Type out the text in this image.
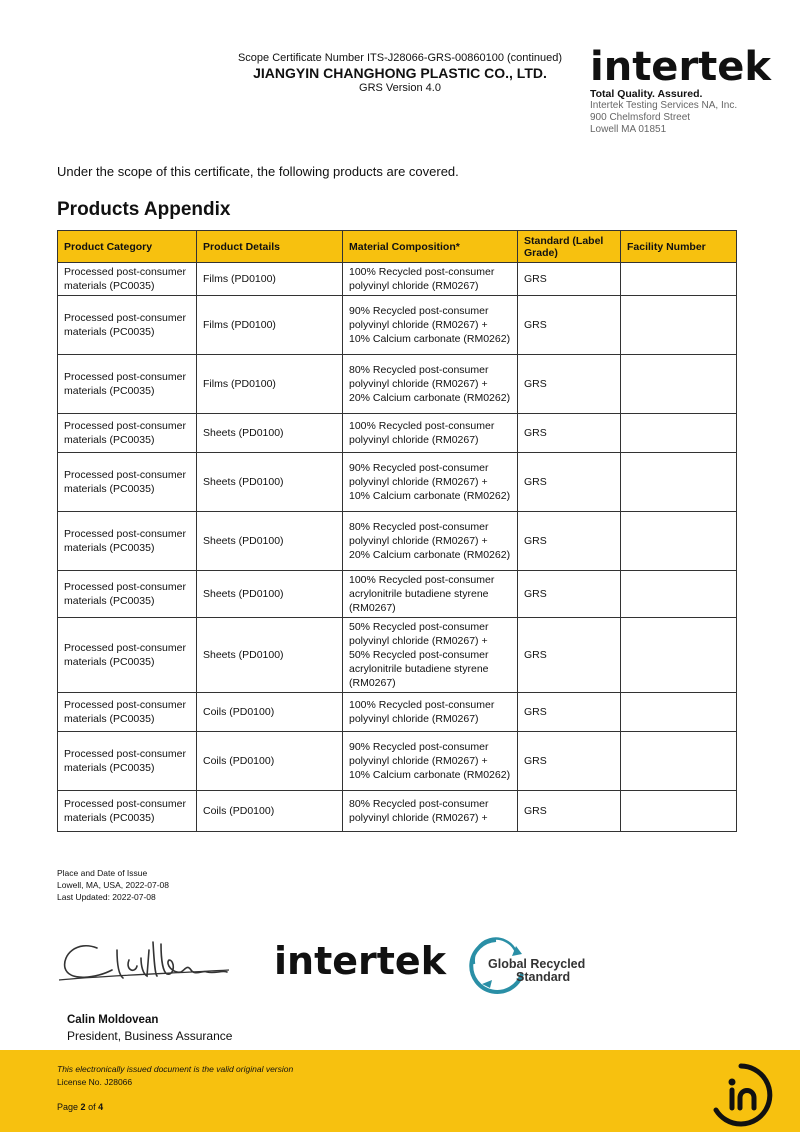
Scope Certificate Number ITS-J28066-GRS-00860100 (continued)
JIANGYIN CHANGHONG PLASTIC CO., LTD.
GRS Version 4.0	intertek
Total Quality. Assured.
Intertek Testing Services NA, Inc.
900 Chelmsford Street
Lowell MA 01851
Under the scope of this certificate, the following products are covered.
Products Appendix
Product Category	Product Details	Material Composition*	Standard (Label Grade)	Facility Number
Processed post-consumer materials (PC0035)	Films (PD0100)	100% Recycled post-consumer polyvinyl chloride (RM0267)	GRS	
Processed post-consumer materials (PC0035)	Films (PD0100)	90% Recycled post-consumer polyvinyl chloride (RM0267) + 10% Calcium carbonate (RM0262)	GRS	
Processed post-consumer materials (PC0035)	Films (PD0100)	80% Recycled post-consumer polyvinyl chloride (RM0267) + 20% Calcium carbonate (RM0262)	GRS	
Processed post-consumer materials (PC0035)	Sheets (PD0100)	100% Recycled post-consumer polyvinyl chloride (RM0267)	GRS	
Processed post-consumer materials (PC0035)	Sheets (PD0100)	90% Recycled post-consumer polyvinyl chloride (RM0267) + 10% Calcium carbonate (RM0262)	GRS	
Processed post-consumer materials (PC0035)	Sheets (PD0100)	80% Recycled post-consumer polyvinyl chloride (RM0267) + 20% Calcium carbonate (RM0262)	GRS	
Processed post-consumer materials (PC0035)	Sheets (PD0100)	100% Recycled post-consumer acrylonitrile butadiene styrene (RM0267)	GRS	
Processed post-consumer materials (PC0035)	Sheets (PD0100)	50% Recycled post-consumer polyvinyl chloride (RM0267) + 50% Recycled post-consumer acrylonitrile butadiene styrene (RM0267)	GRS	
Processed post-consumer materials (PC0035)	Coils (PD0100)	100% Recycled post-consumer polyvinyl chloride (RM0267)	GRS	
Processed post-consumer materials (PC0035)	Coils (PD0100)	90% Recycled post-consumer polyvinyl chloride (RM0267) + 10% Calcium carbonate (RM0262)	GRS	
Processed post-consumer materials (PC0035)	Coils (PD0100)	80% Recycled post-consumer polyvinyl chloride (RM0267) +	GRS	
Place and Date of Issue
Lowell, MA, USA, 2022-07-08
Last Updated: 2022-07-08
intertek	Global Recycled
Standard
Calin Moldovean
President, Business Assurance
This electronically issued document is the valid original version
License No. J28066
Page 2 of 4
